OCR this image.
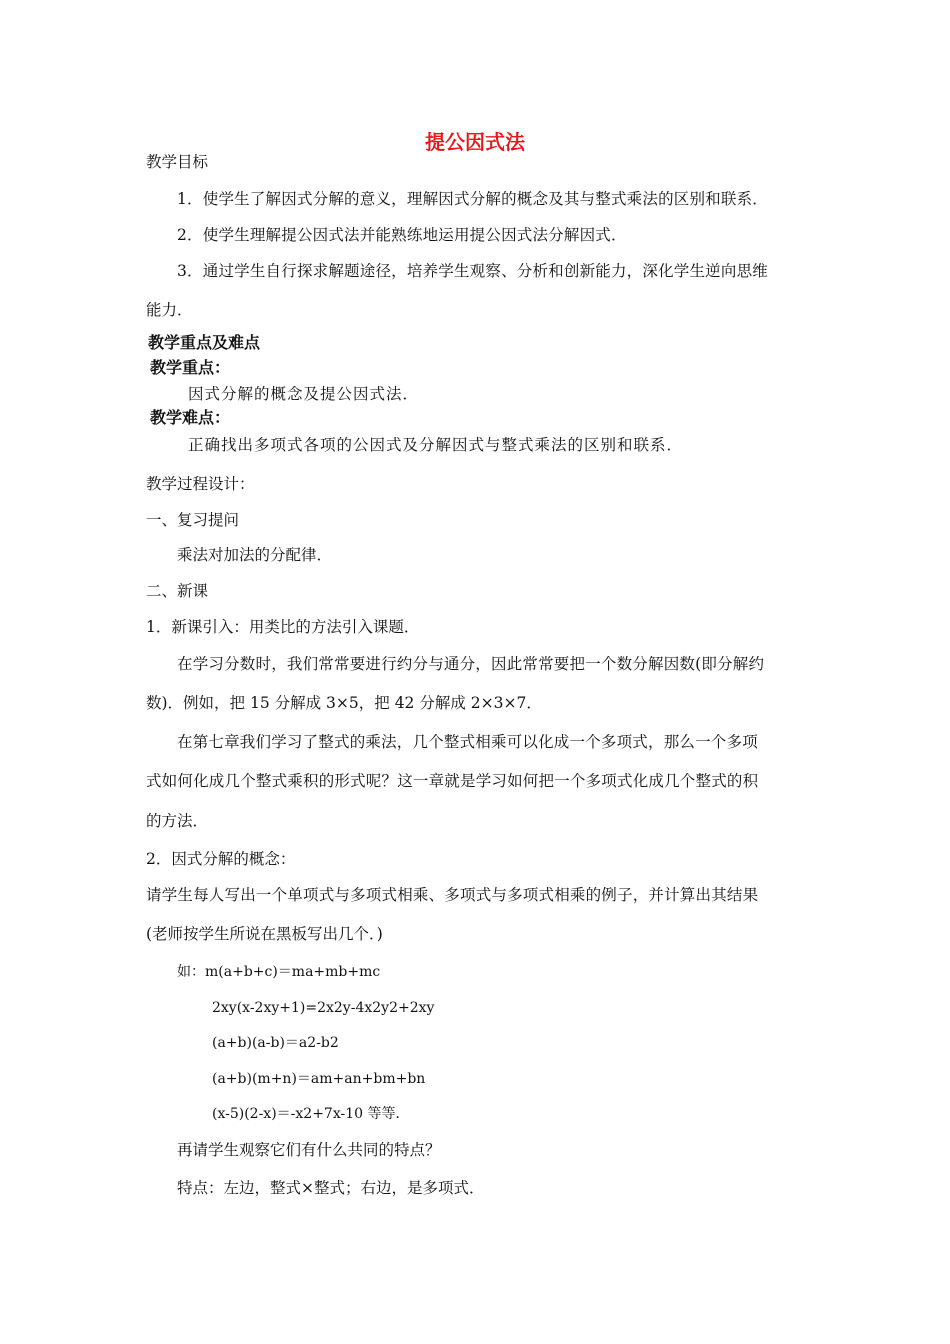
提公因式法
教学目标
1．使学生了解因式分解的意义，理解因式分解的概念及其与整式乘法的区别和联系．
2．使学生理解提公因式法并能熟练地运用提公因式法分解因式．
3．通过学生自行探求解题途径，培养学生观察、分析和创新能力，深化学生逆向思维
能力．
教学重点及难点
教学重点：
因式分解的概念及提公因式法．
教学难点：
正确找出多项式各项的公因式及分解因式与整式乘法的区别和联系．
教学过程设计：
一、复习提问
乘法对加法的分配律．
二、新课
1．新课引入：用类比的方法引入课题．
在学习分数时，我们常常要进行约分与通分，因此常常要把一个数分解因数(即分解约
数)．例如，把 15 分解成 3×5，把 42 分解成 2×3×7．
在第七章我们学习了整式的乘法，几个整式相乘可以化成一个多项式，那么一个多项
式如何化成几个整式乘积的形式呢？这一章就是学习如何把一个多项式化成几个整式的积
的方法．
2．因式分解的概念：
请学生每人写出一个单项式与多项式相乘、多项式与多项式相乘的例子，并计算出其结果
(老师按学生所说在黑板写出几个．)
如：m(a+b+c)＝ma+mb+mc
2xy(x-2xy+1)=2x2y-4x2y2+2xy
(a+b)(a-b)＝a2-b2
(a+b)(m+n)＝am+an+bm+bn
(x-5)(2-x)＝-x2+7x-10 等等．
再请学生观察它们有什么共同的特点？
特点：左边，整式×整式；右边，是多项式．
